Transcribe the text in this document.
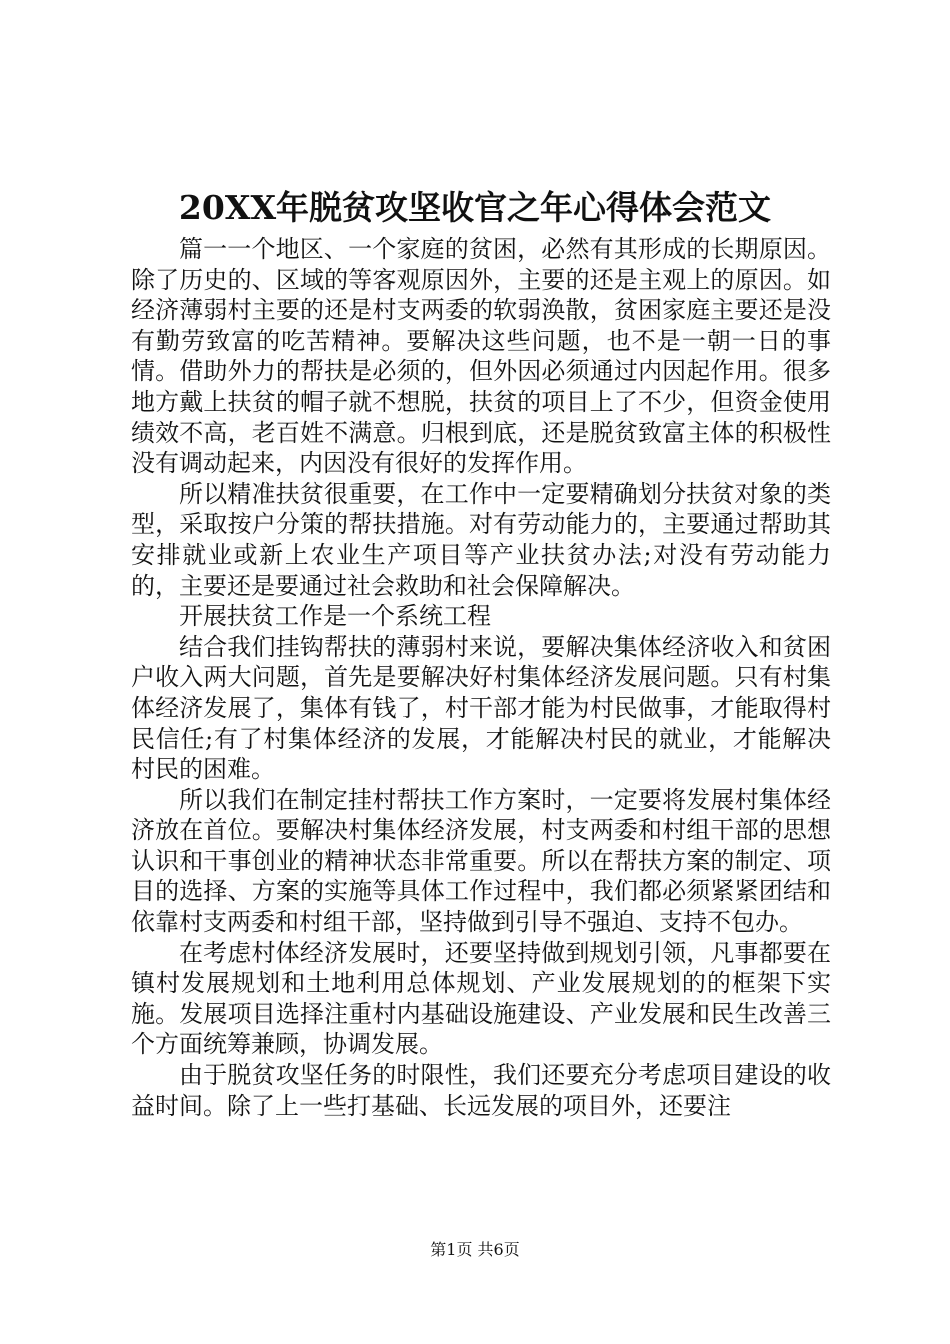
20XX年脱贫攻坚收官之年心得体会范文

篇一一个地区、一个家庭的贫困，必然有其形成的长期原因。除了历史的、区域的等客观原因外，主要的还是主观上的原因。如经济薄弱村主要的还是村支两委的软弱涣散，贫困家庭主要还是没有勤劳致富的吃苦精神。要解决这些问题，也不是一朝一日的事情。借助外力的帮扶是必须的，但外因必须通过内因起作用。很多地方戴上扶贫的帽子就不想脱，扶贫的项目上了不少，但资金使用绩效不高，老百姓不满意。归根到底，还是脱贫致富主体的积极性没有调动起来，内因没有很好的发挥作用。

所以精准扶贫很重要，在工作中一定要精确划分扶贫对象的类型，采取按户分策的帮扶措施。对有劳动能力的，主要通过帮助其安排就业或新上农业生产项目等产业扶贫办法;对没有劳动能力的，主要还是要通过社会救助和社会保障解决。

开展扶贫工作是一个系统工程

结合我们挂钩帮扶的薄弱村来说，要解决集体经济收入和贫困户收入两大问题，首先是要解决好村集体经济发展问题。只有村集体经济发展了，集体有钱了，村干部才能为村民做事，才能取得村民信任;有了村集体经济的发展，才能解决村民的就业，才能解决村民的困难。

所以我们在制定挂村帮扶工作方案时，一定要将发展村集体经济放在首位。要解决村集体经济发展，村支两委和村组干部的思想认识和干事创业的精神状态非常重要。所以在帮扶方案的制定、项目的选择、方案的实施等具体工作过程中，我们都必须紧紧团结和依靠村支两委和村组干部，坚持做到引导不强迫、支持不包办。

在考虑村体经济发展时，还要坚持做到规划引领，凡事都要在镇村发展规划和土地利用总体规划、产业发展规划的的框架下实施。发展项目选择注重村内基础设施建设、产业发展和民生改善三个方面统筹兼顾，协调发展。

由于脱贫攻坚任务的时限性，我们还要充分考虑项目建设的收益时间。除了上一些打基础、长远发展的项目外，还要注

第1页 共6页
